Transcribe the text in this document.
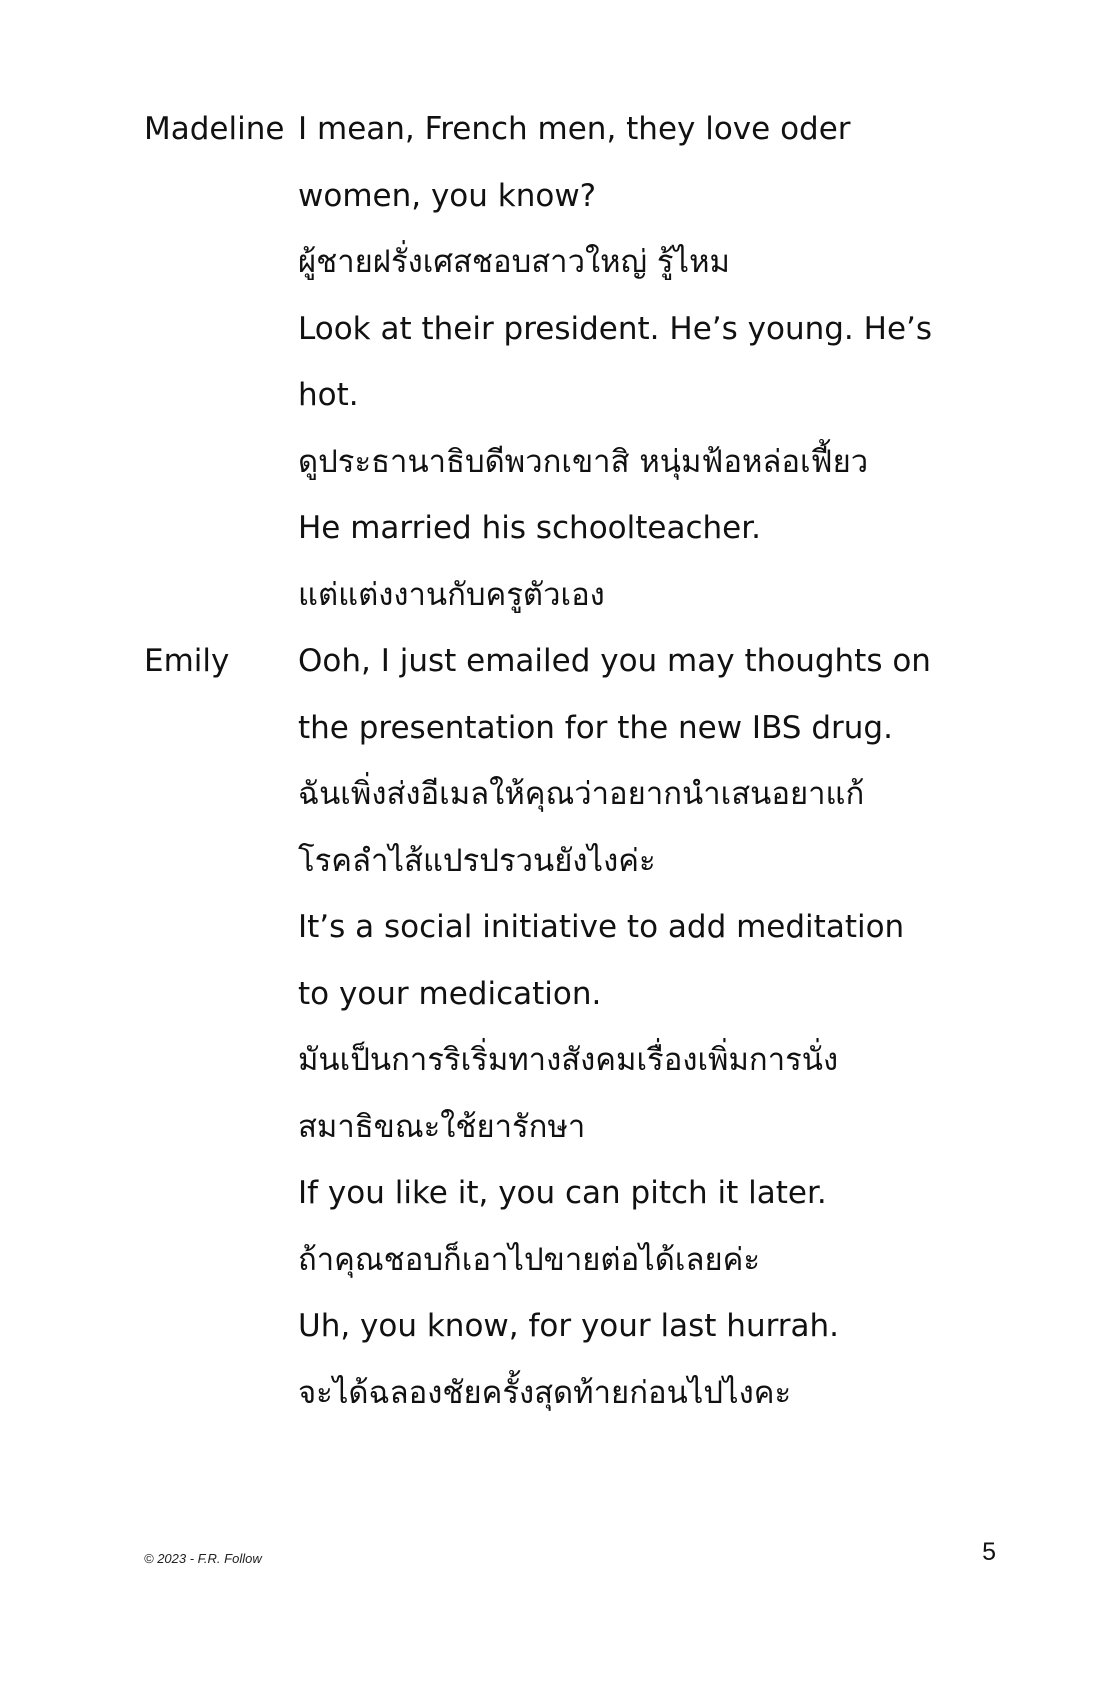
Madeline I mean, French men, they love oder
women, you know?
ผู้ชายฝรั่งเศสชอบสาวใหญ่ รู้ไหม
Look at their president. He’s young. He’s
hot.
ดูประธานาธิบดีพวกเขาสิ หนุ่มฟ้อหล่อเฟี้ยว
He married his schoolteacher.
แต่แต่งงานกับครูตัวเอง
Emily	Ooh, I just emailed you may thoughts on
the presentation for the new IBS drug.
ฉันเพิ่งส่งอีเมลให้คุณว่าอยากนำเสนอยาแก้
โรคลำไส้แปรปรวนยังไงค่ะ
It’s a social initiative to add meditation
to your medication.
มันเป็นการริเริ่มทางสังคมเรื่องเพิ่มการนั่ง
สมาธิขณะใช้ยารักษา
If you like it, you can pitch it later.
ถ้าคุณชอบก็เอาไปขายต่อได้เลยค่ะ
Uh, you know, for your last hurrah.
จะได้ฉลองชัยครั้งสุดท้ายก่อนไปไงคะ
© 2023 - F.R. Follow	5
